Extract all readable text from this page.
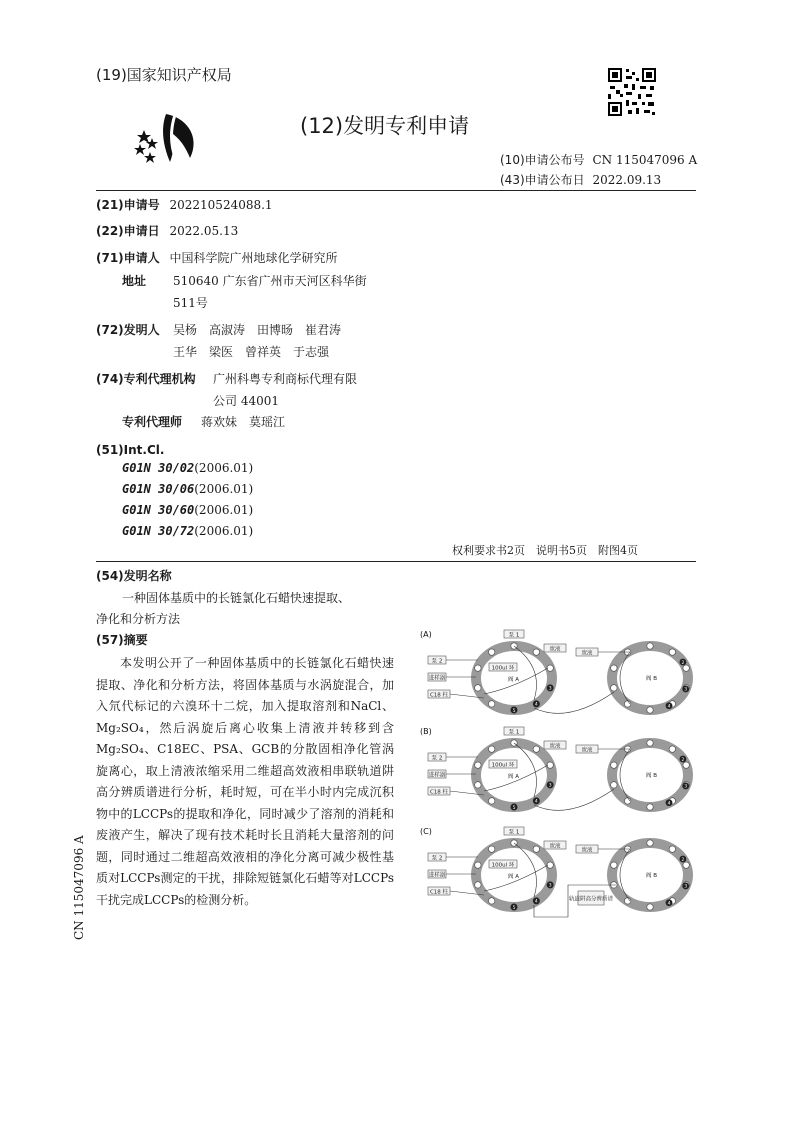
(19)国家知识产权局
(12)发明专利申请
(10)申请公布号 CN 115047096 A
(43)申请公布日 2022.09.13
(21)申请号 202210524088.1
(22)申请日 2022.05.13
(71)申请人 中国科学院广州地球化学研究所
地址 510640 广东省广州市天河区科华街
511号
(72)发明人 吴杨　高淑涛　田博旸　崔君涛
王华　梁医　曾祥英　于志强
(74)专利代理机构 广州科粤专利商标代理有限
公司 44001
专利代理师 蒋欢妹　莫瑶江
(51)Int.Cl.
G01N 30/02(2006.01)
G01N 30/06(2006.01)
G01N 30/60(2006.01)
G01N 30/72(2006.01)
权利要求书2页　说明书5页　附图4页
(54)发明名称
一种固体基质中的长链氯化石蜡快速提取、
净化和分析方法
(57)摘要
本发明公开了一种固体基质中的长链氯化石蜡快速提取、净化和分析方法，将固体基质与水涡旋混合，加入氘代标记的六溴环十二烷，加入提取溶剂和NaCl、Mg₂SO₄，然后涡旋后离心收集上清液并转移到含Mg₂SO₄、C18EC、PSA、GCB的分散固相净化管涡旋离心，取上清液浓缩采用二维超高效液相串联轨道阱高分辨质谱进行分析，耗时短，可在半小时内完成沉积物中的LCCPs的提取和净化，同时减少了溶剂的消耗和废液产生，解决了现有技术耗时长且消耗大量溶剂的问题，同时通过二维超高效液相的净化分离可减少极性基质对LCCPs测定的干扰，排除短链氯化石蜡等对LCCPs干扰完成LCCPs的检测分析。
CN 115047096 A
(A)	泵 1
废液
100ul 环
阀 A	阀 B
泵 2
进样器
C18 柱
废液
5
4
3
2
3
4
(B)	泵 1
废液
100ul 环
阀 A	阀 B
泵 2
进样器
C18 柱
废液
5
4
3
2
3
4
(C)	泵 1
废液
100ul 环
阀 A	阀 B
泵 2
进样器
C18 柱
废液
轨道阱高分辨质谱
5
4
3
2
3
4
